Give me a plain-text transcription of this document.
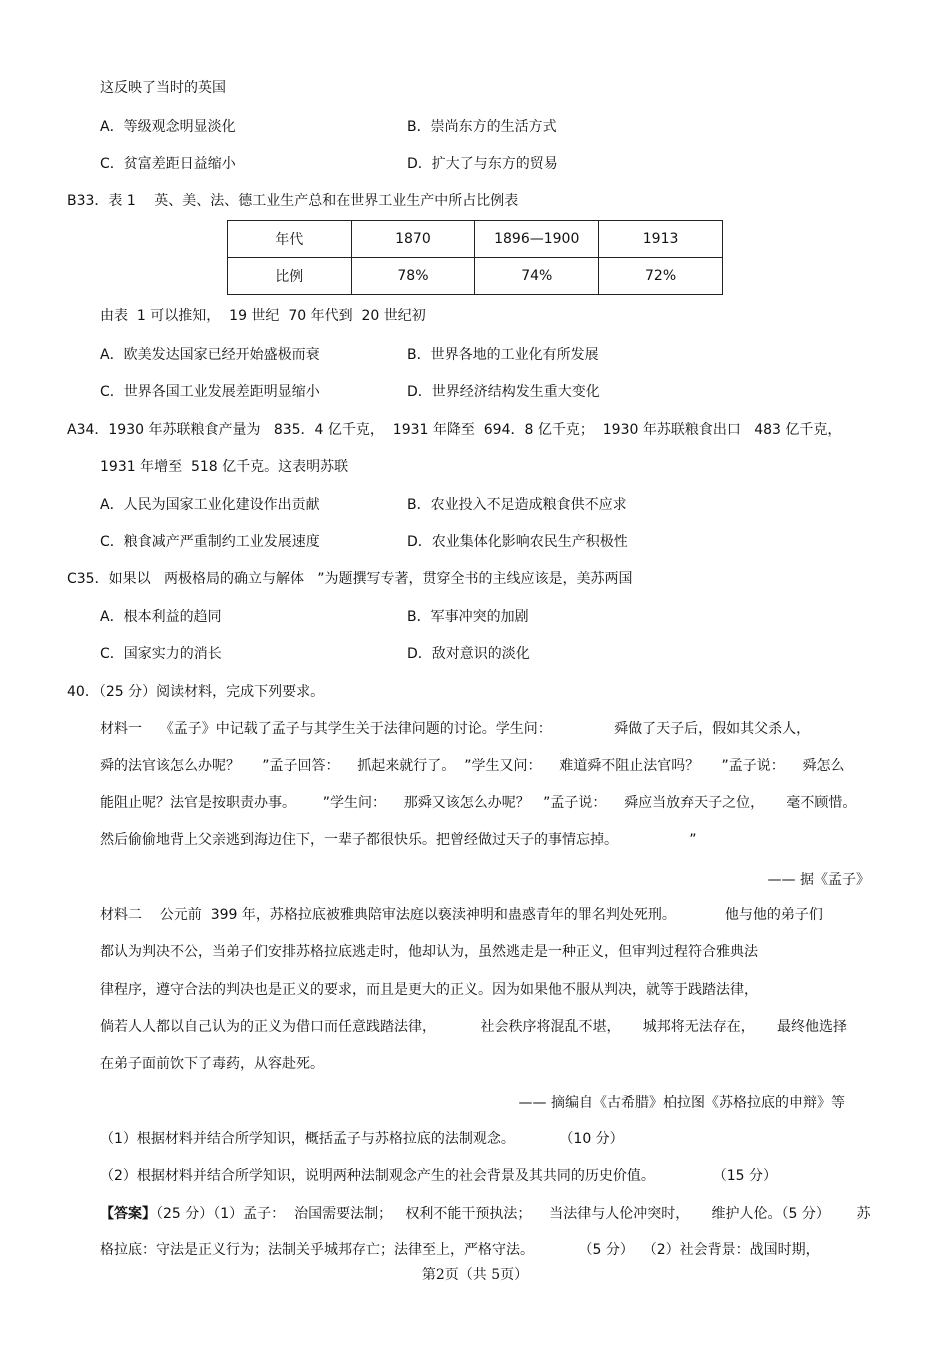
这反映了当时的英国
A．等级观念明显淡化	B．崇尚东方的生活方式
C．贫富差距日益缩小	D．扩大了与东方的贸易
B33．表 1　 英、美、法、德工业生产总和在世界工业生产中所占比例表
年代	1870	1896—1900	1913
比例	78%	74%	72%
由表  1 可以推知，  19 世纪  70 年代到  20 世纪初
A．欧美发达国家已经开始盛极而衰	B．世界各地的工业化有所发展
C．世界各国工业发展差距明显缩小	D．世界经济结构发生重大变化
A34．1930 年苏联粮食产量为   835．4 亿千克，  1931 年降至  694．8 亿千克；  1930 年苏联粮食出口   483 亿千克，
1931 年增至  518 亿千克。这表明苏联
A．人民为国家工业化建设作出贡献	B．农业投入不足造成粮食供不应求
C．粮食减产严重制约工业发展速度	D．农业集体化影响农民生产积极性
C35．如果以   两极格局的确立与解体   ”为题撰写专著，贯穿全书的主线应该是，美苏两国
A．根本利益的趋同	B．军事冲突的加剧
C．国家实力的消长	D．敌对意识的淡化
40．（25 分）阅读材料，完成下列要求。
材料一    《孟子》中记载了孟子与其学生关于法律问题的讨论。学生问：              舜做了天子后，假如其父杀人，
舜的法官该怎么办呢？     ”孟子回答：    抓起来就行了。  ”学生又问：    难道舜不阻止法官吗？     ”孟子说：    舜怎么
能阻止呢？法官是按职责办事。      ”学生问：    那舜又该怎么办呢？   ”孟子说：    舜应当放弃天子之位，     毫不顾惜。
然后偷偷地背上父亲逃到海边住下，一辈子都很快乐。把曾经做过天子的事情忘掉。                ”
—— 据《孟子》
材料二    公元前  399 年，苏格拉底被雅典陪审法庭以亵渎神明和蛊惑青年的罪名判处死刑。           他与他的弟子们
都认为判决不公，当弟子们安排苏格拉底逃走时，他却认为，虽然逃走是一种正义，但审判过程符合雅典法
律程序，遵守合法的判决也是正义的要求，而且是更大的正义。因为如果他不服从判决，就等于践踏法律，
倘若人人都以自己认为的正义为借口而任意践踏法律，          社会秩序将混乱不堪，     城邦将无法存在，     最终他选择
在弟子面前饮下了毒药，从容赴死。
—— 摘编自《古希腊》柏拉图《苏格拉底的申辩》等
（1）根据材料并结合所学知识，概括孟子与苏格拉底的法制观念。          （10 分）
（2）根据材料并结合所学知识，说明两种法制观念产生的社会背景及其共同的历史价值。             （15 分）
【答案】（25 分）（1）孟子：  治国需要法制；   权利不能干预执法；    当法律与人伦冲突时，     维护人伦。（5 分）      苏
格拉底：守法是正义行为；法制关乎城邦存亡；法律至上，严格守法。          （5 分）  （2）社会背景：战国时期，
第2页（共 5页）
